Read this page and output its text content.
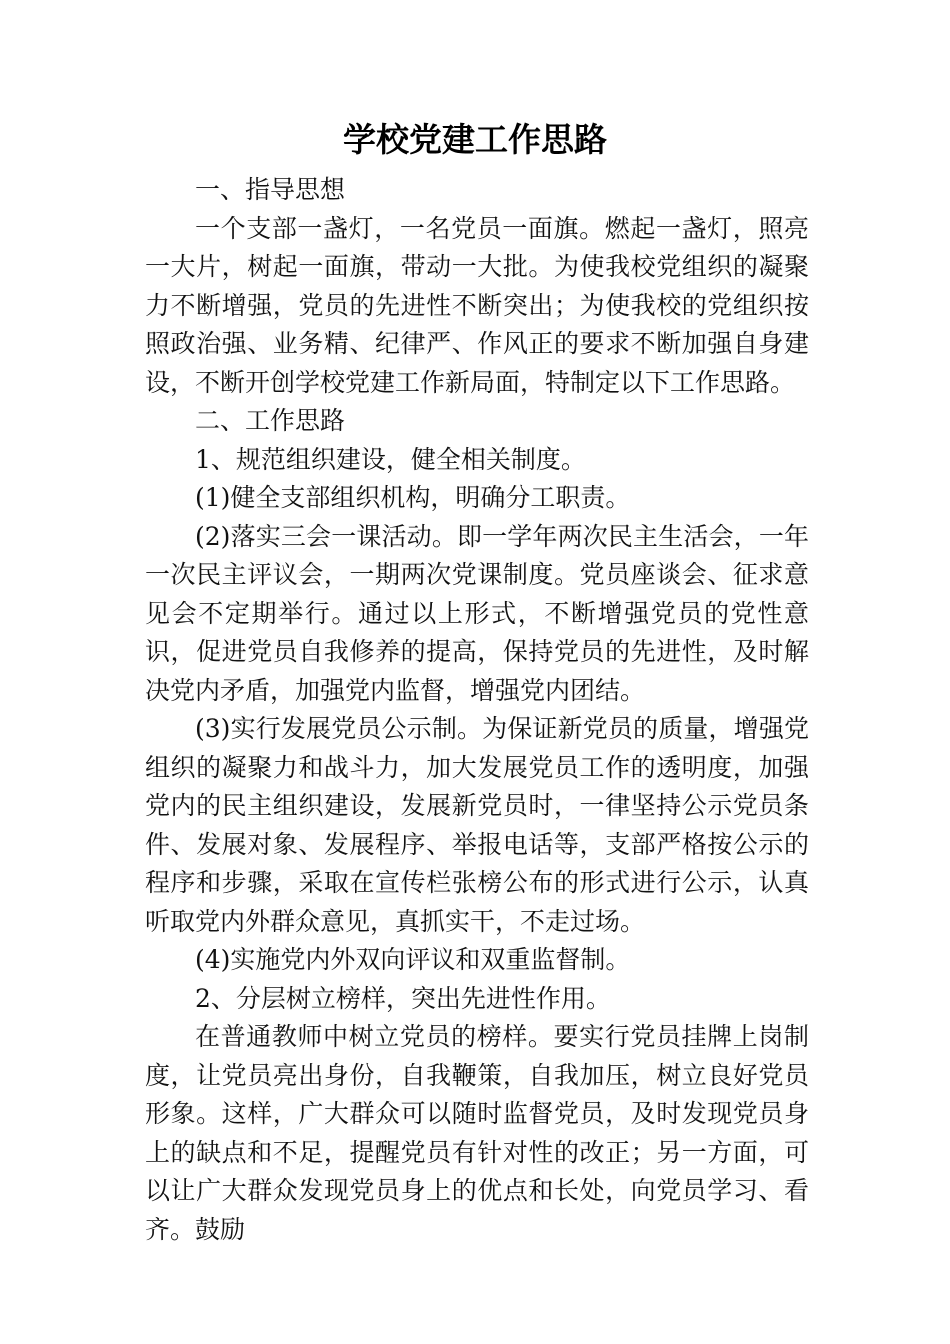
学校党建工作思路

一、指导思想

一个支部一盏灯，一名党员一面旗。燃起一盏灯，照亮一大片，树起一面旗，带动一大批。为使我校党组织的凝聚力不断增强，党员的先进性不断突出；为使我校的党组织按照政治强、业务精、纪律严、作风正的要求不断加强自身建设，不断开创学校党建工作新局面，特制定以下工作思路。

二、工作思路

1、规范组织建设，健全相关制度。

(1)健全支部组织机构，明确分工职责。

(2)落实三会一课活动。即一学年两次民主生活会，一年一次民主评议会，一期两次党课制度。党员座谈会、征求意见会不定期举行。通过以上形式，不断增强党员的党性意识，促进党员自我修养的提高，保持党员的先进性，及时解决党内矛盾，加强党内监督，增强党内团结。

(3)实行发展党员公示制。为保证新党员的质量，增强党组织的凝聚力和战斗力，加大发展党员工作的透明度，加强党内的民主组织建设，发展新党员时，一律坚持公示党员条件、发展对象、发展程序、举报电话等，支部严格按公示的程序和步骤，采取在宣传栏张榜公布的形式进行公示，认真听取党内外群众意见，真抓实干，不走过场。

(4)实施党内外双向评议和双重监督制。

2、分层树立榜样，突出先进性作用。

在普通教师中树立党员的榜样。要实行党员挂牌上岗制度，让党员亮出身份，自我鞭策，自我加压，树立良好党员形象。这样，广大群众可以随时监督党员，及时发现党员身上的缺点和不足，提醒党员有针对性的改正；另一方面，可以让广大群众发现党员身上的优点和长处，向党员学习、看齐。鼓励
